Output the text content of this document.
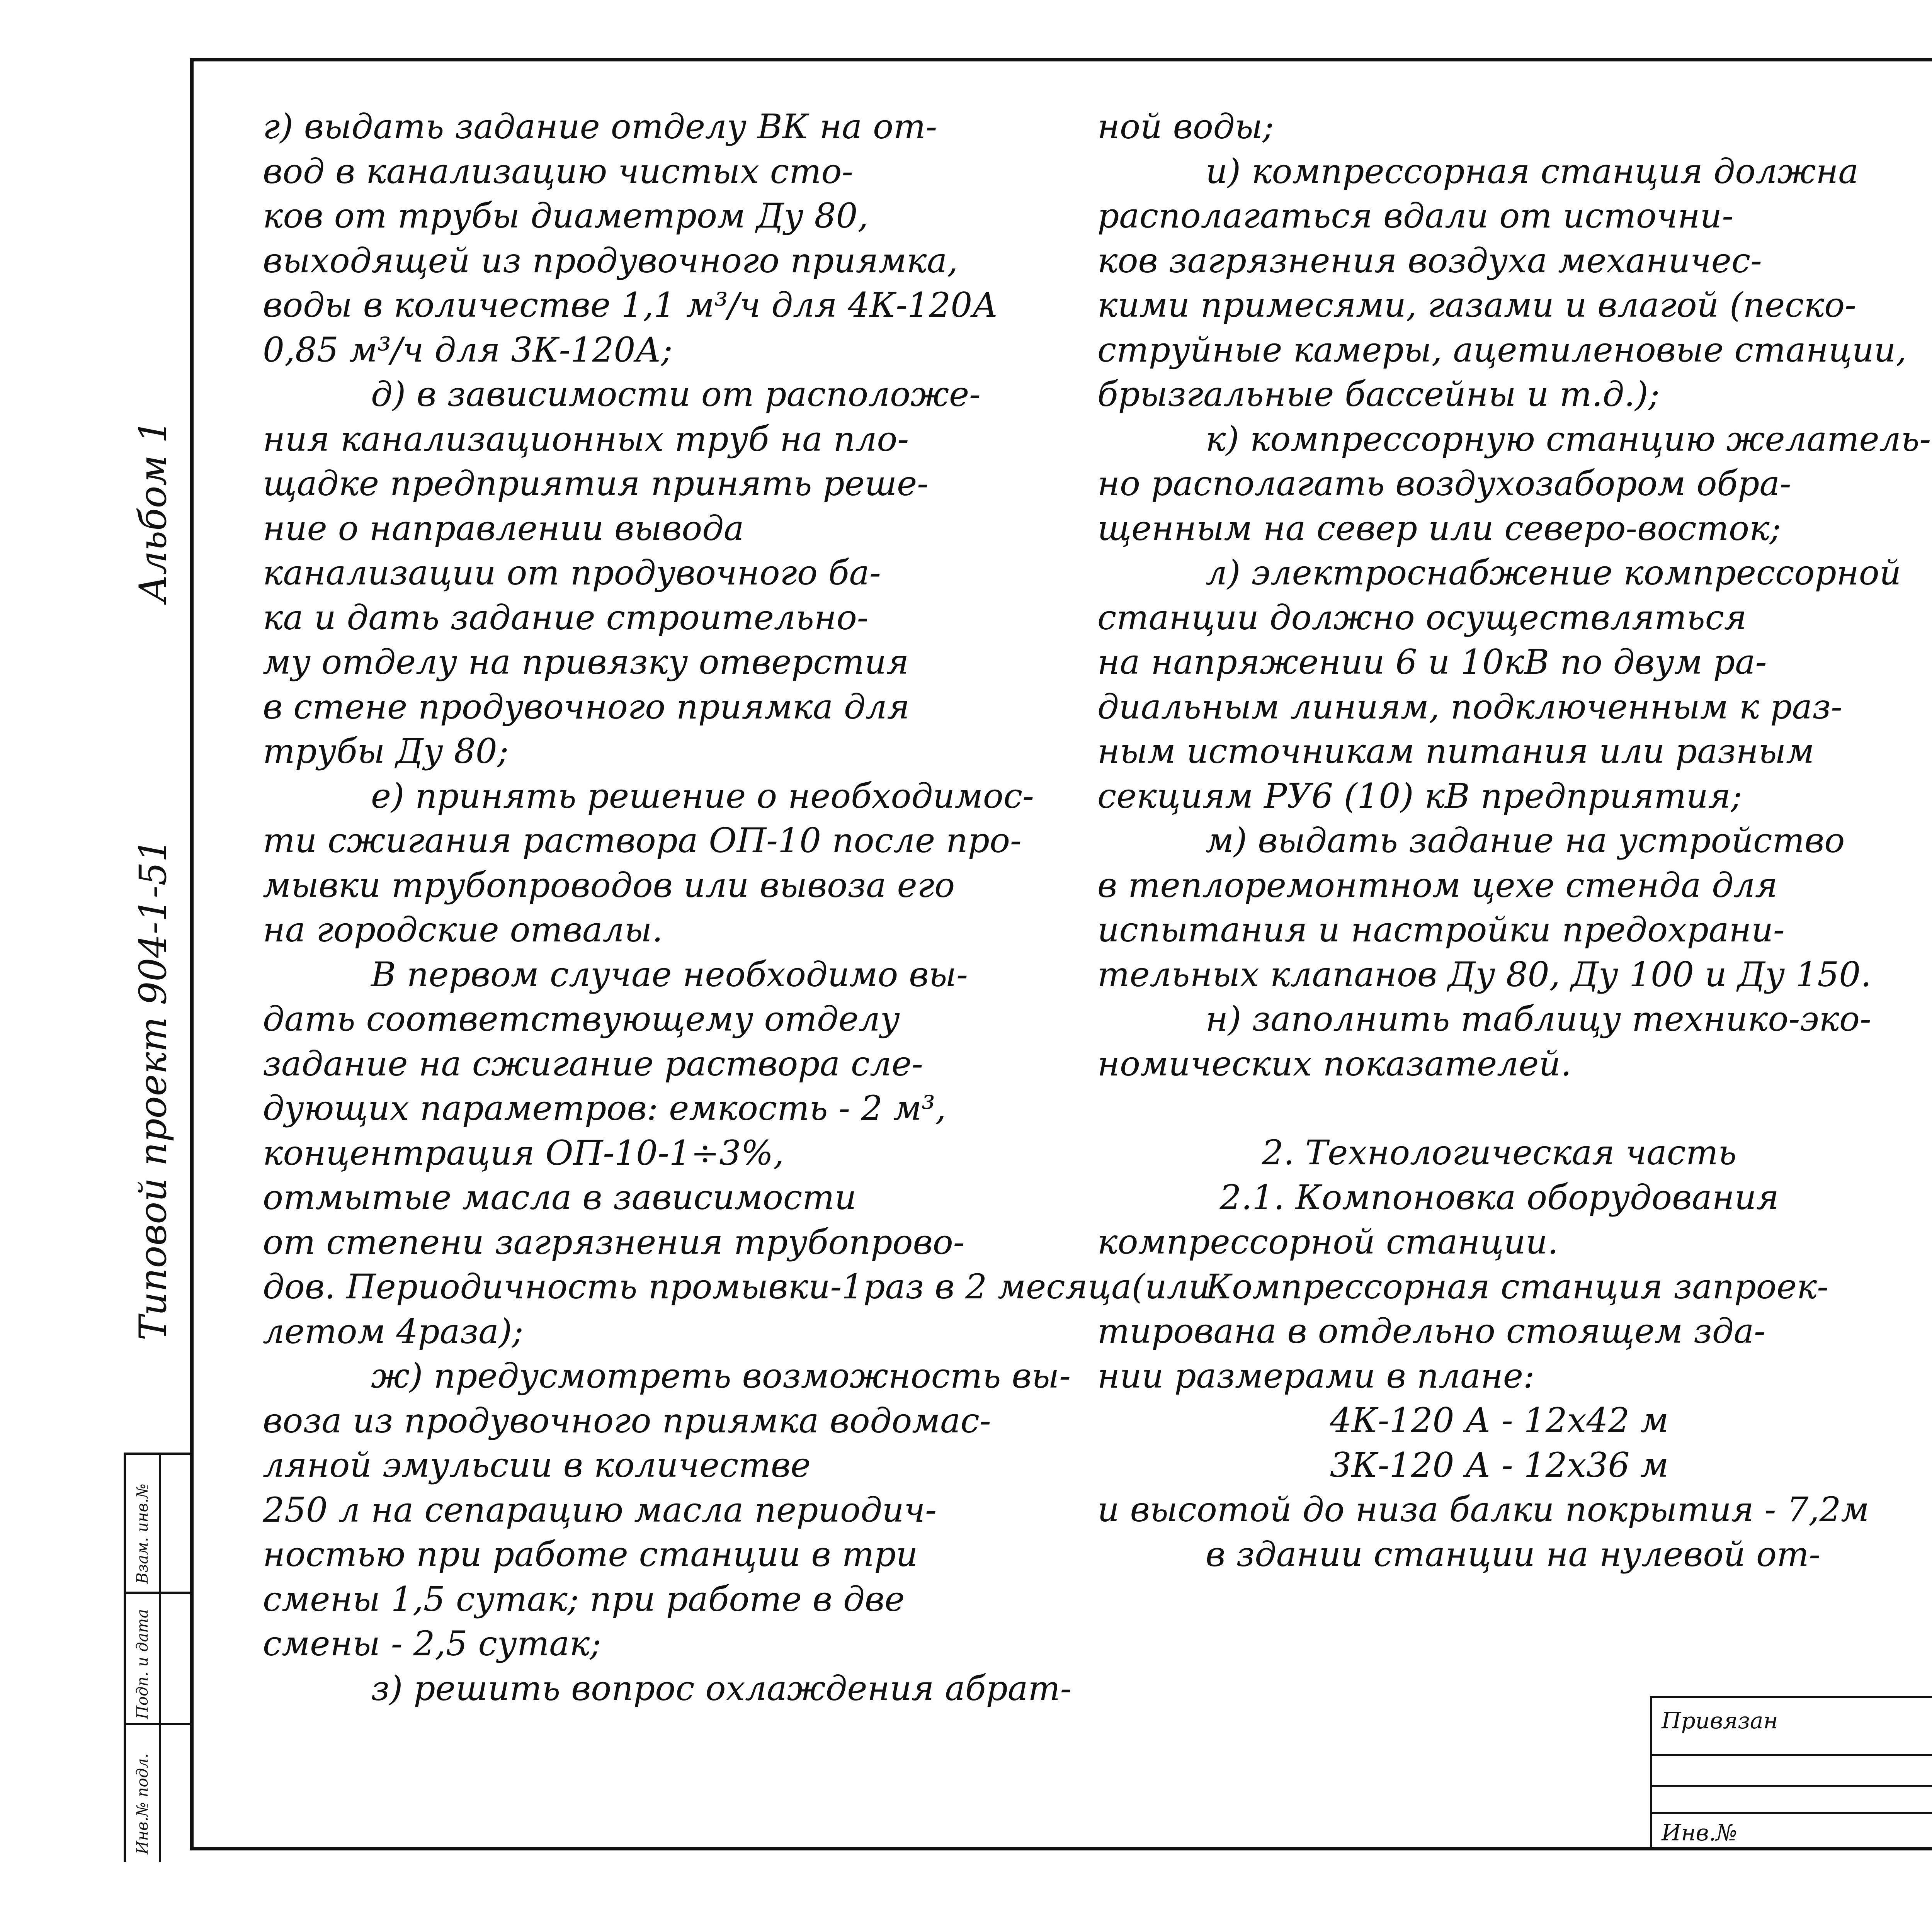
Альбом 1
Типовой проект 904-1-51
Инв.№ подл.
Подп. и дата
Взам. инв.№
г) выдать задание отделу ВК на от-
вод в канализацию чистых сто-
ков от трубы диаметром Ду 80,
выходящей из продувочного приямка,
воды в количестве 1,1 м³/ч для 4К-120А
0,85 м³/ч для 3К-120А;
д) в зависимости от расположе-
ния канализационных труб на пло-
щадке предприятия принять реше-
ние о направлении вывода
канализации от продувочного ба-
ка и дать задание строительно-
му отделу на привязку отверстия
в стене продувочного приямка для
трубы Ду 80;
е) принять решение о необходимос-
ти сжигания раствора ОП-10 после про-
мывки трубопроводов или вывоза его
на городские отвалы.
В первом случае необходимо вы-
дать соответствующему отделу
задание на сжигание раствора сле-
дующих параметров: емкость - 2 м³,
концентрация ОП-10-1÷3%,
отмытые масла в зависимости
от степени загрязнения трубопрово-
дов. Периодичность промывки-1раз в 2 месяца(или
летом 4раза);
ж) предусмотреть возможность вы-
воза из продувочного приямка водомас-
ляной эмульсии в количестве
250 л на сепарацию масла периодич-
ностью при работе станции в три
смены 1,5 сутак; при работе в две
смены - 2,5 сутак;
з) решить вопрос охлаждения абрат-
ной воды;
и) компрессорная станция должна
располагаться вдали от источни-
ков загрязнения воздуха механичес-
кими примесями, газами и влагой (песко-
струйные камеры, ацетиленовые станции,
брызгальные бассейны и т.д.);
к) компрессорную станцию желатель-
но располагать воздухозабором обра-
щенным на север или северо-восток;
л) электроснабжение компрессорной
станции должно осуществляться
на напряжении 6 и 10кВ по двум ра-
диальным линиям, подключенным к раз-
ным источникам питания или разным
секциям РУ6 (10) кВ предприятия;
м) выдать задание на устройство
в теплоремонтном цехе стенда для
испытания и настройки предохрани-
тельных клапанов Ду 80, Ду 100 и Ду 150.
н) заполнить таблицу технико-эко-
номических показателей.
2. Технологическая часть
2.1. Компоновка оборудования
компрессорной станции.
Компрессорная станция запроек-
тирована в отдельно стоящем зда-
нии размерами в плане:
4К-120 А - 12х42 м
3К-120 А - 12х36 м
и высотой до низа балки покрытия - 7,2м
в здании станции на нулевой от-
Привязан
Инв.№
